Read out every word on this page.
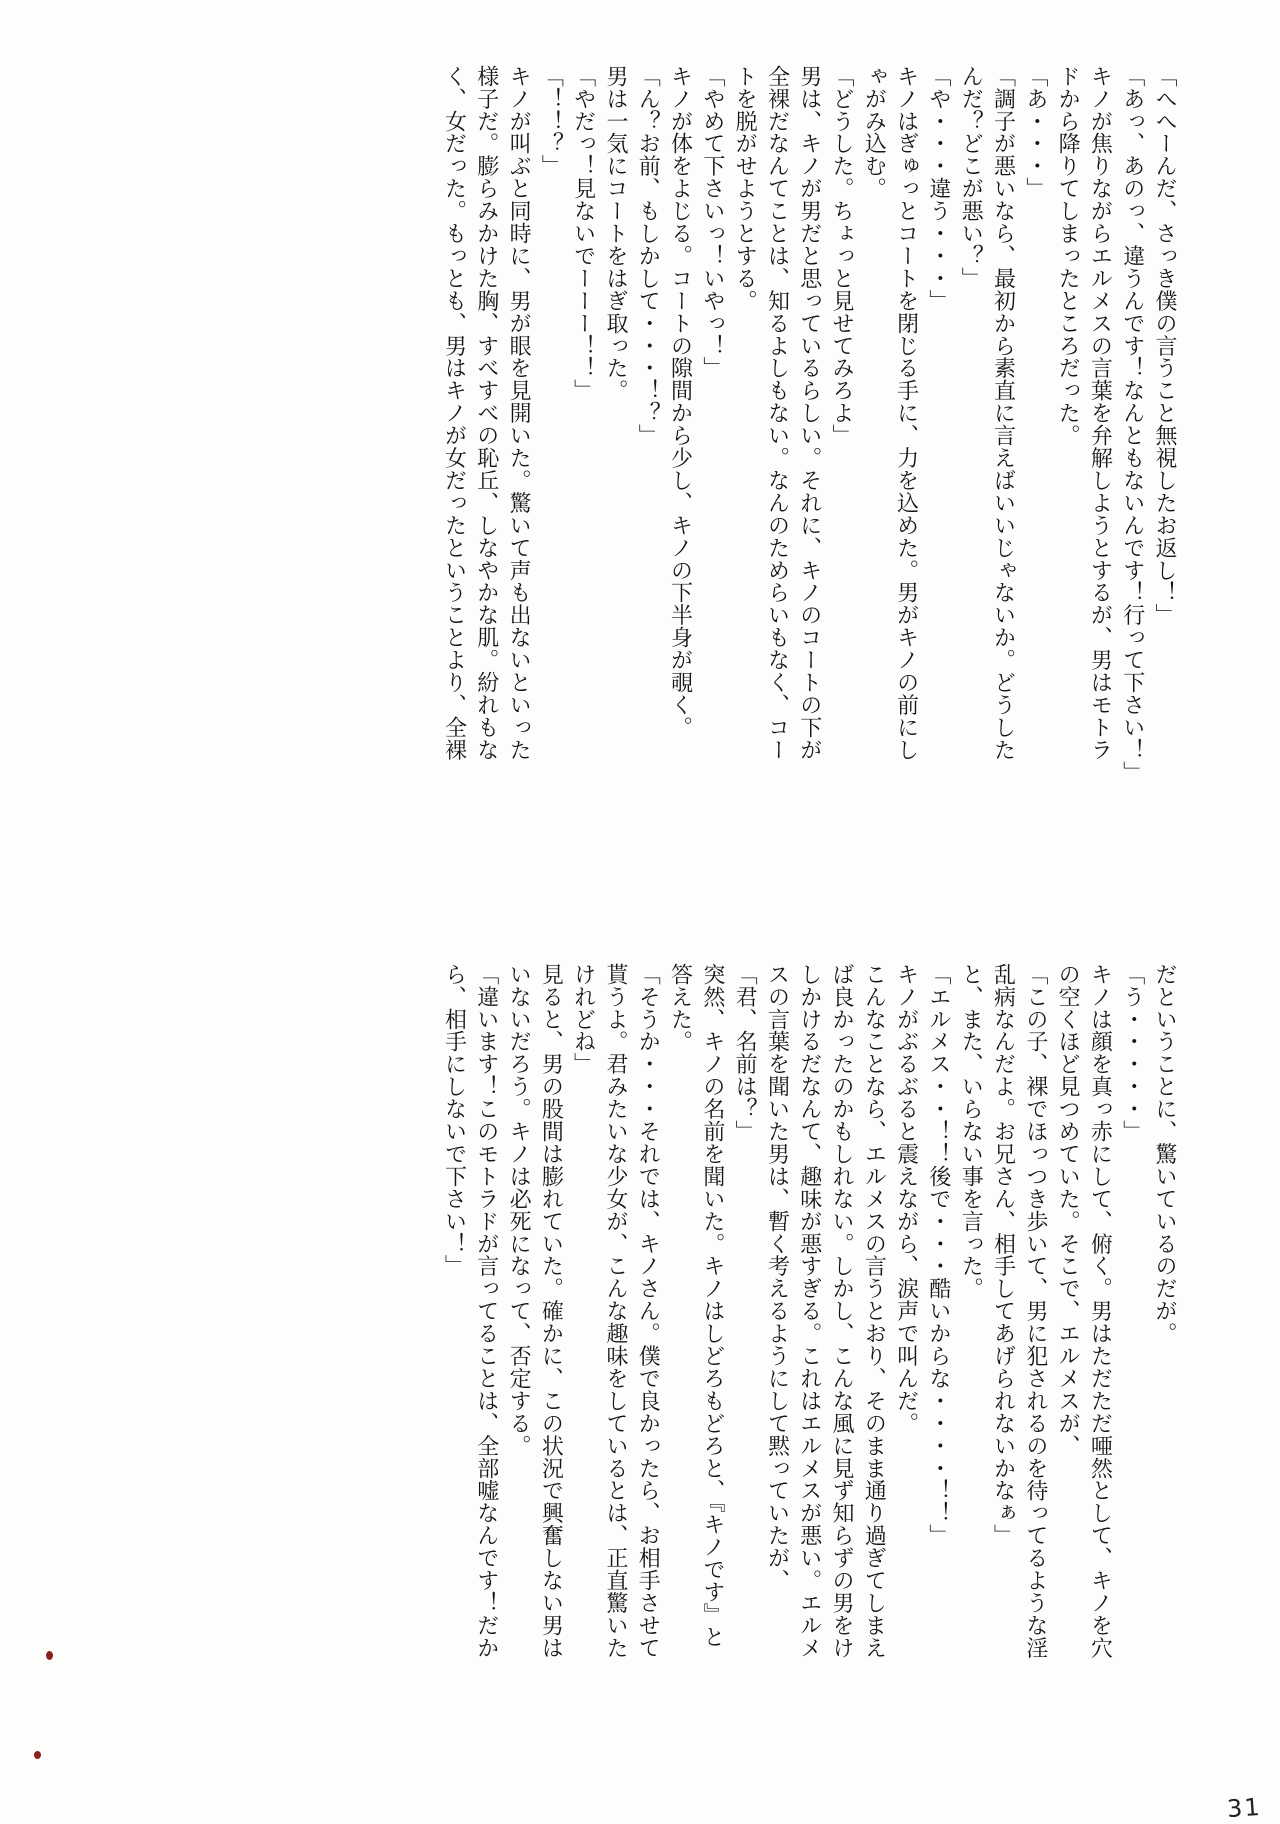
「へへーんだ、さっき僕の言うこと無視したお返し！」
「あっ、あのっ、違うんです！なんともないんです！行って下さい！」
キノが焦りながらエルメスの言葉を弁解しようとするが、男はモトラ
ドから降りてしまったところだった。
「あ・・・」
「調子が悪いなら、最初から素直に言えばいいじゃないか。どうした
んだ？どこが悪い？」
「や・・・違う・・・」
キノはぎゅっとコートを閉じる手に、力を込めた。男がキノの前にし
ゃがみ込む。
「どうした。ちょっと見せてみろよ」
男は、キノが男だと思っているらしい。それに、キノのコートの下が
全裸だなんてことは、知るよしもない。なんのためらいもなく、コー
トを脱がせようとする。
「やめて下さいっ！いやっ！」
キノが体をよじる。コートの隙間から少し、キノの下半身が覗く。
「ん？お前、もしかして・・・！？」
男は一気にコートをはぎ取った。
「やだっ！見ないでーーー！！」
「！！？」
キノが叫ぶと同時に、男が眼を見開いた。驚いて声も出ないといった
様子だ。膨らみかけた胸、すべすべの恥丘、しなやかな肌。紛れもな
く、女だった。もっとも、男はキノが女だったということより、全裸
だということに、驚いているのだが。
「う・・・・・」
キノは顔を真っ赤にして、俯く。男はただただ唖然として、キノを穴
の空くほど見つめていた。そこで、エルメスが、
「この子、裸でほっつき歩いて、男に犯されるのを待ってるような淫
乱病なんだよ。お兄さん、相手してあげられないかなぁ」
と、また、いらない事を言った。
「エルメス・・！！後で・・・酷いからな・・・・！！」
キノがぶるぶると震えながら、涙声で叫んだ。
こんなことなら、エルメスの言うとおり、そのまま通り過ぎてしまえ
ば良かったのかもしれない。しかし、こんな風に見ず知らずの男をけ
しかけるだなんて、趣味が悪すぎる。これはエルメスが悪い。エルメ
スの言葉を聞いた男は、暫く考えるようにして黙っていたが、
「君、名前は？」
突然、キノの名前を聞いた。キノはしどろもどろと、『キノです』と
答えた。
「そうか・・・それでは、キノさん。僕で良かったら、お相手させて
貰うよ。君みたいな少女が、こんな趣味をしているとは、正直驚いた
けれどね」
見ると、男の股間は膨れていた。確かに、この状況で興奮しない男は
いないだろう。キノは必死になって、否定する。
「違います！このモトラドが言ってることは、全部嘘なんです！だか
ら、相手にしないで下さい！」
31
